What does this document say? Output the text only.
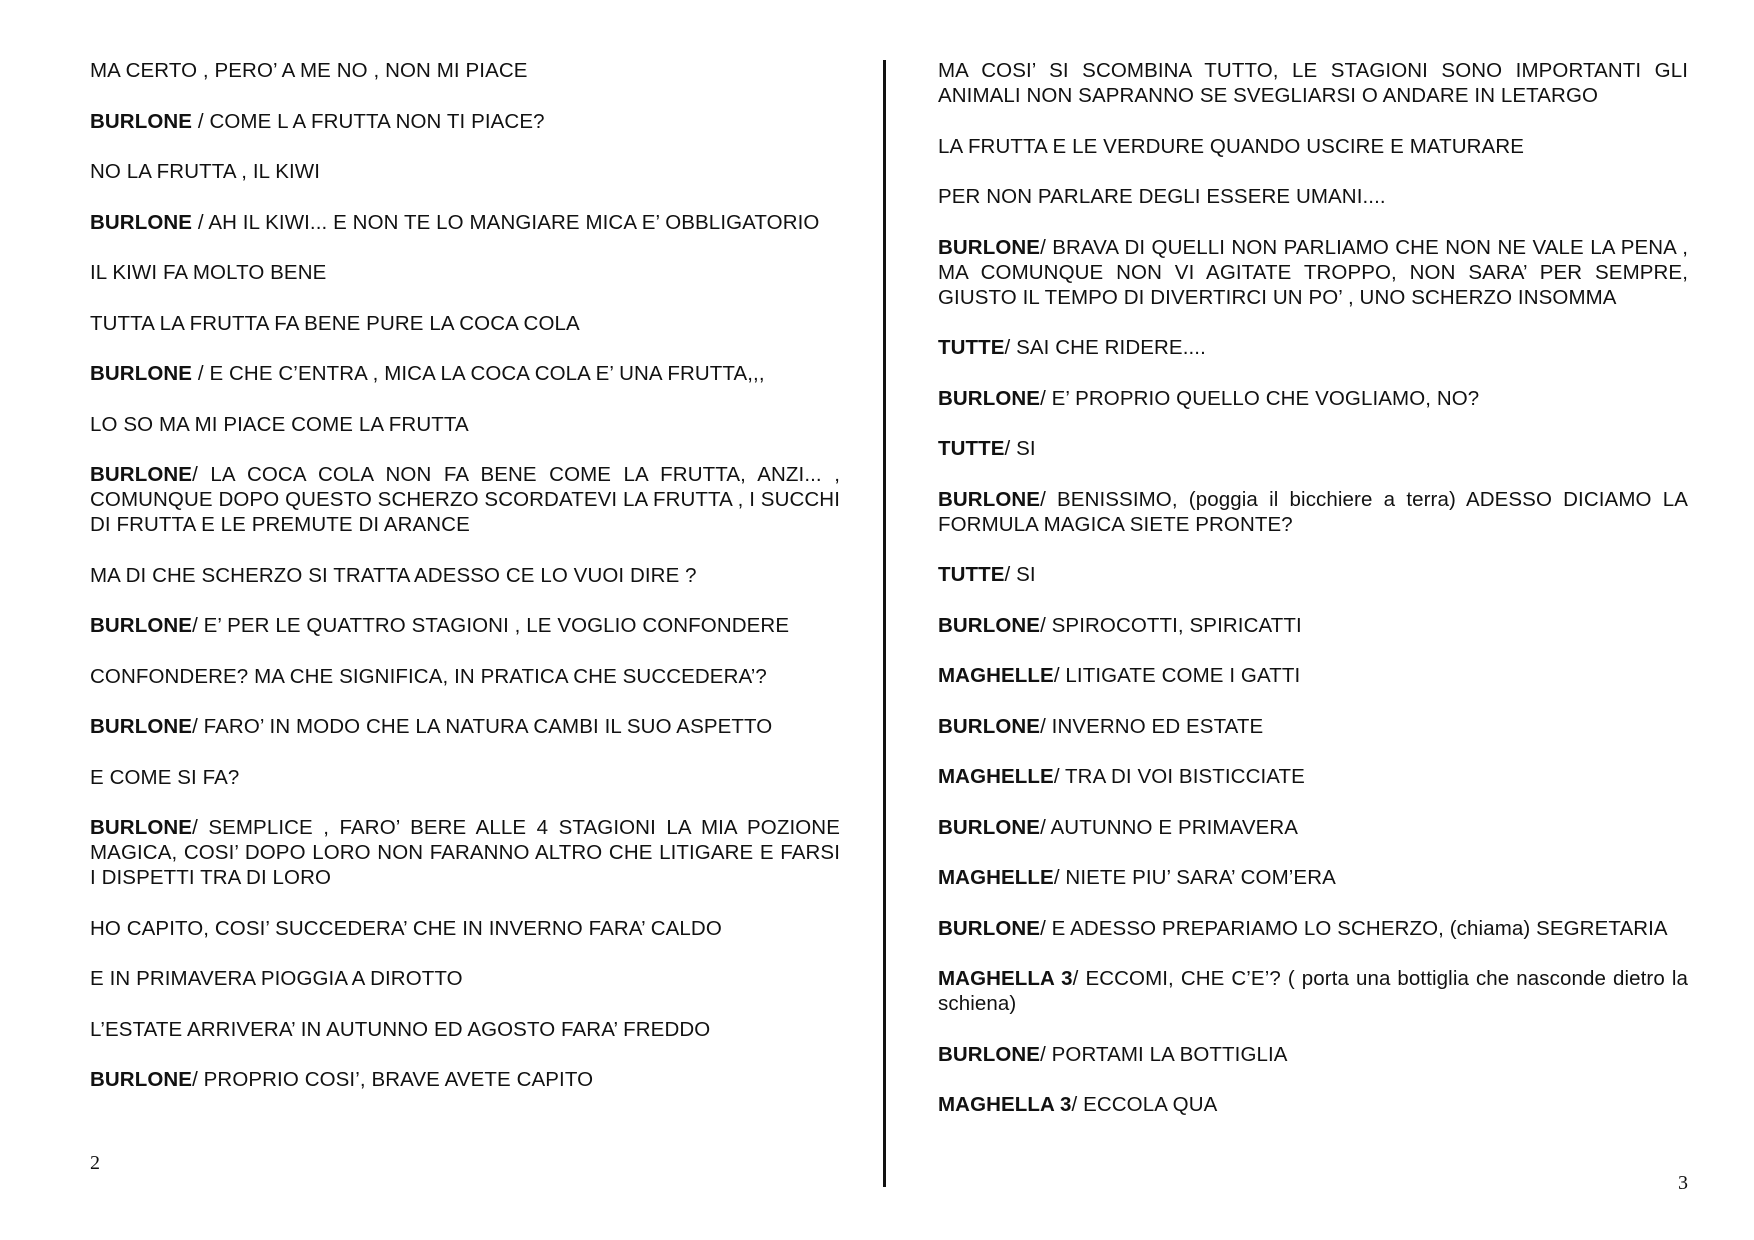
MA CERTO , PERO’ A ME NO , NON MI PIACE

BURLONE / COME L A FRUTTA NON TI PIACE?

NO LA FRUTTA , IL KIWI

BURLONE / AH IL KIWI... E NON TE LO MANGIARE MICA E’ OBBLIGATORIO

IL KIWI FA MOLTO BENE

TUTTA LA FRUTTA FA BENE PURE LA COCA COLA

BURLONE / E CHE C’ENTRA , MICA LA COCA COLA E’ UNA FRUTTA,,,

LO SO MA MI PIACE COME LA FRUTTA

BURLONE/ LA COCA COLA NON FA BENE COME LA FRUTTA, ANZI... , COMUNQUE DOPO QUESTO SCHERZO SCORDATEVI LA FRUTTA , I SUCCHI DI FRUTTA E LE PREMUTE DI ARANCE

MA DI CHE SCHERZO SI TRATTA ADESSO CE LO VUOI DIRE ?

BURLONE/ E’ PER LE QUATTRO STAGIONI , LE VOGLIO CONFONDERE

CONFONDERE? MA CHE SIGNIFICA, IN PRATICA CHE SUCCEDERA’?

BURLONE/ FARO’ IN MODO CHE LA NATURA CAMBI IL SUO ASPETTO

E COME SI FA?

BURLONE/ SEMPLICE , FARO’ BERE ALLE 4 STAGIONI LA MIA POZIONE MAGICA, COSI’ DOPO LORO NON FARANNO ALTRO CHE LITIGARE E FARSI I DISPETTI TRA DI LORO

HO CAPITO, COSI’ SUCCEDERA’ CHE IN INVERNO FARA’ CALDO

E IN PRIMAVERA PIOGGIA A DIROTTO

L’ESTATE ARRIVERA’ IN AUTUNNO ED AGOSTO FARA’ FREDDO

BURLONE/ PROPRIO COSI’, BRAVE AVETE CAPITO

MA COSI’ SI SCOMBINA TUTTO, LE STAGIONI SONO IMPORTANTI GLI ANIMALI NON SAPRANNO SE SVEGLIARSI O ANDARE IN LETARGO

LA FRUTTA E LE VERDURE QUANDO USCIRE E MATURARE

PER NON PARLARE DEGLI ESSERE UMANI....

BURLONE/ BRAVA DI QUELLI NON PARLIAMO CHE NON NE VALE LA PENA , MA COMUNQUE NON VI AGITATE TROPPO, NON SARA’ PER SEMPRE, GIUSTO IL TEMPO DI DIVERTIRCI UN PO’ , UNO SCHERZO INSOMMA

TUTTE/ SAI CHE RIDERE....

BURLONE/ E’ PROPRIO QUELLO CHE VOGLIAMO, NO?

TUTTE/ SI

BURLONE/ BENISSIMO, (poggia il bicchiere a terra) ADESSO DICIAMO LA FORMULA MAGICA SIETE PRONTE?

TUTTE/ SI

BURLONE/ SPIROCOTTI, SPIRICATTI

MAGHELLE/ LITIGATE COME I GATTI

BURLONE/ INVERNO ED ESTATE

MAGHELLE/ TRA DI VOI BISTICCIATE

BURLONE/ AUTUNNO E PRIMAVERA

MAGHELLE/ NIETE PIU’ SARA’ COM’ERA

BURLONE/ E ADESSO PREPARIAMO LO SCHERZO, (chiama) SEGRETARIA

MAGHELLA 3/ ECCOMI, CHE C’E’? ( porta una bottiglia che nasconde dietro la schiena)

BURLONE/ PORTAMI LA BOTTIGLIA

MAGHELLA 3/ ECCOLA QUA

2
3
